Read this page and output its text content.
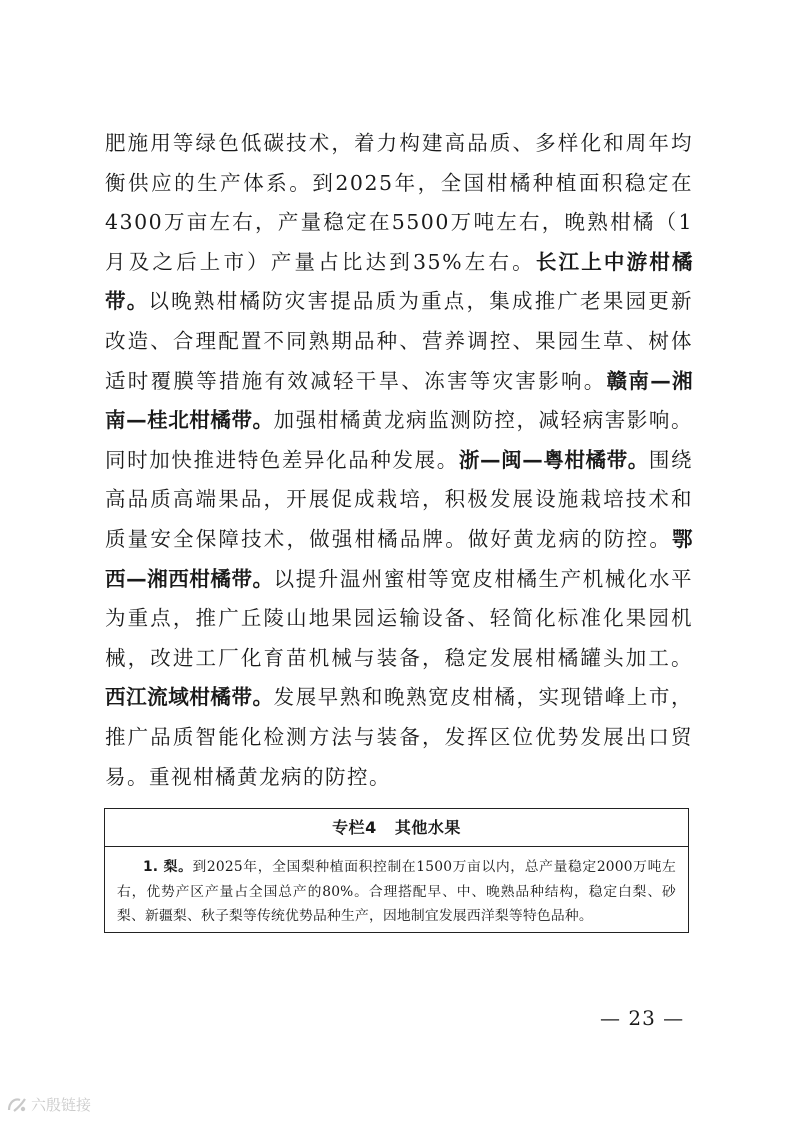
肥施用等绿色低碳技术，着力构建高品质、多样化和周年均衡供应的生产体系。到2025年，全国柑橘种植面积稳定在4300万亩左右，产量稳定在5500万吨左右，晚熟柑橘（1月及之后上市）产量占比达到35%左右。长江上中游柑橘带。以晚熟柑橘防灾害提品质为重点，集成推广老果园更新改造、合理配置不同熟期品种、营养调控、果园生草、树体适时覆膜等措施有效减轻干旱、冻害等灾害影响。赣南—湘南—桂北柑橘带。加强柑橘黄龙病监测防控，减轻病害影响。同时加快推进特色差异化品种发展。浙—闽—粤柑橘带。围绕高品质高端果品，开展促成栽培，积极发展设施栽培技术和质量安全保障技术，做强柑橘品牌。做好黄龙病的防控。鄂西—湘西柑橘带。以提升温州蜜柑等宽皮柑橘生产机械化水平为重点，推广丘陵山地果园运输设备、轻简化标准化果园机械，改进工厂化育苗机械与装备，稳定发展柑橘罐头加工。西江流域柑橘带。发展早熟和晚熟宽皮柑橘，实现错峰上市，推广品质智能化检测方法与装备，发挥区位优势发展出口贸易。重视柑橘黄龙病的防控。

专栏4 其他水果
1. 梨。到2025年，全国梨种植面积控制在1500万亩以内，总产量稳定2000万吨左右，优势产区产量占全国总产的80%。合理搭配早、中、晚熟品种结构，稳定白梨、砂梨、新疆梨、秋子梨等传统优势品种生产，因地制宜发展西洋梨等特色品种。
— 23 —
六殷链接
